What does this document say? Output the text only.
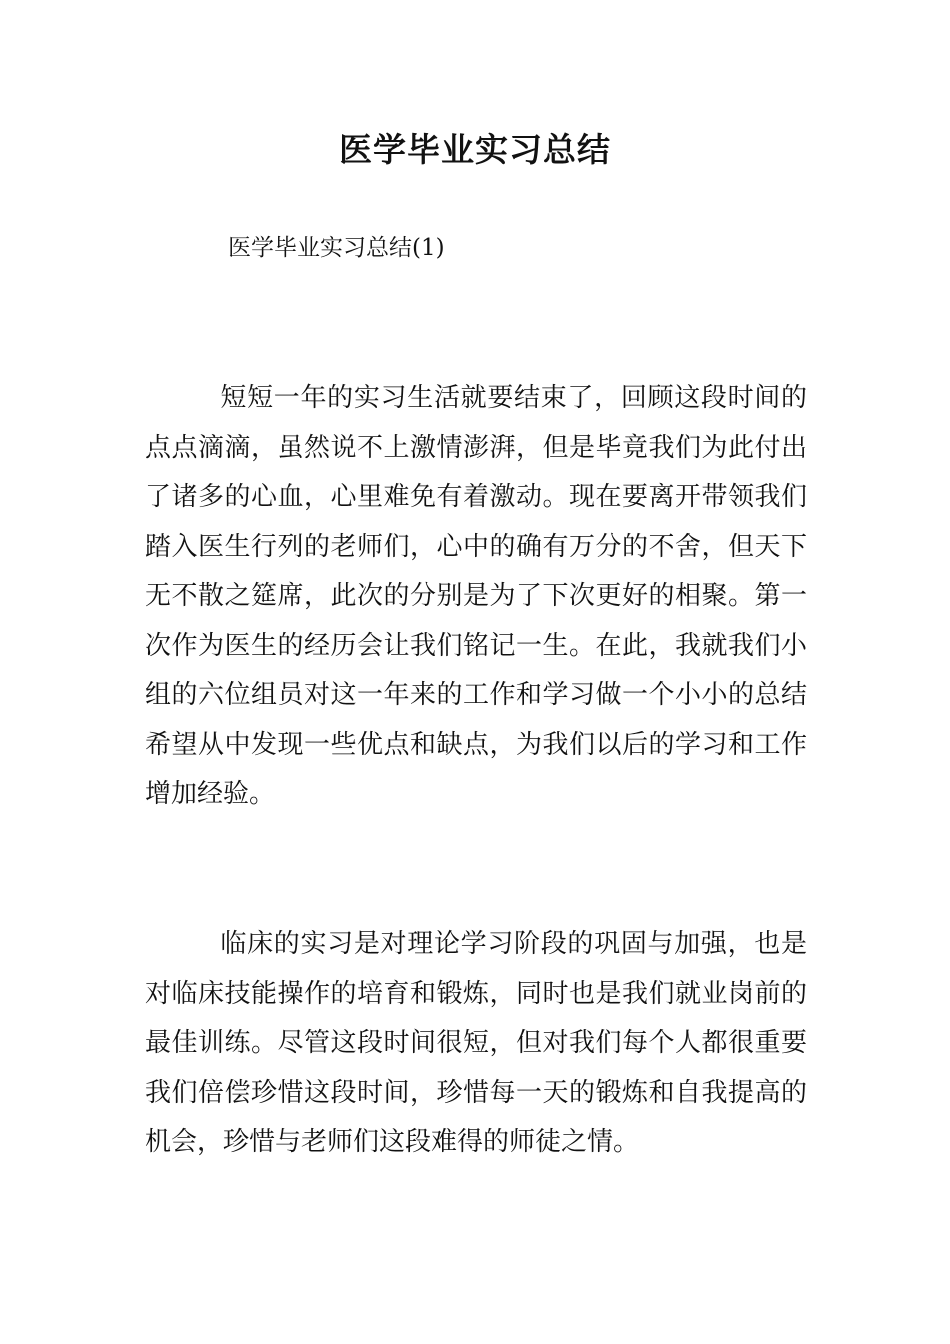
医学毕业实习总结

医学毕业实习总结(1)

短短一年的实习生活就要结束了，回顾这段时间的点点滴滴，虽然说不上激情澎湃，但是毕竟我们为此付出了诸多的心血，心里难免有着激动。现在要离开带领我们踏入医生行列的老师们，心中的确有万分的不舍，但天下无不散之筵席，此次的分别是为了下次更好的相聚。第一次作为医生的经历会让我们铭记一生。在此，我就我们小组的六位组员对这一年来的工作和学习做一个小小的总结希望从中发现一些优点和缺点，为我们以后的学习和工作增加经验。

临床的实习是对理论学习阶段的巩固与加强，也是对临床技能操作的培育和锻炼，同时也是我们就业岗前的最佳训练。尽管这段时间很短，但对我们每个人都很重要我们倍偿珍惜这段时间，珍惜每一天的锻炼和自我提高的机会，珍惜与老师们这段难得的师徒之情。
